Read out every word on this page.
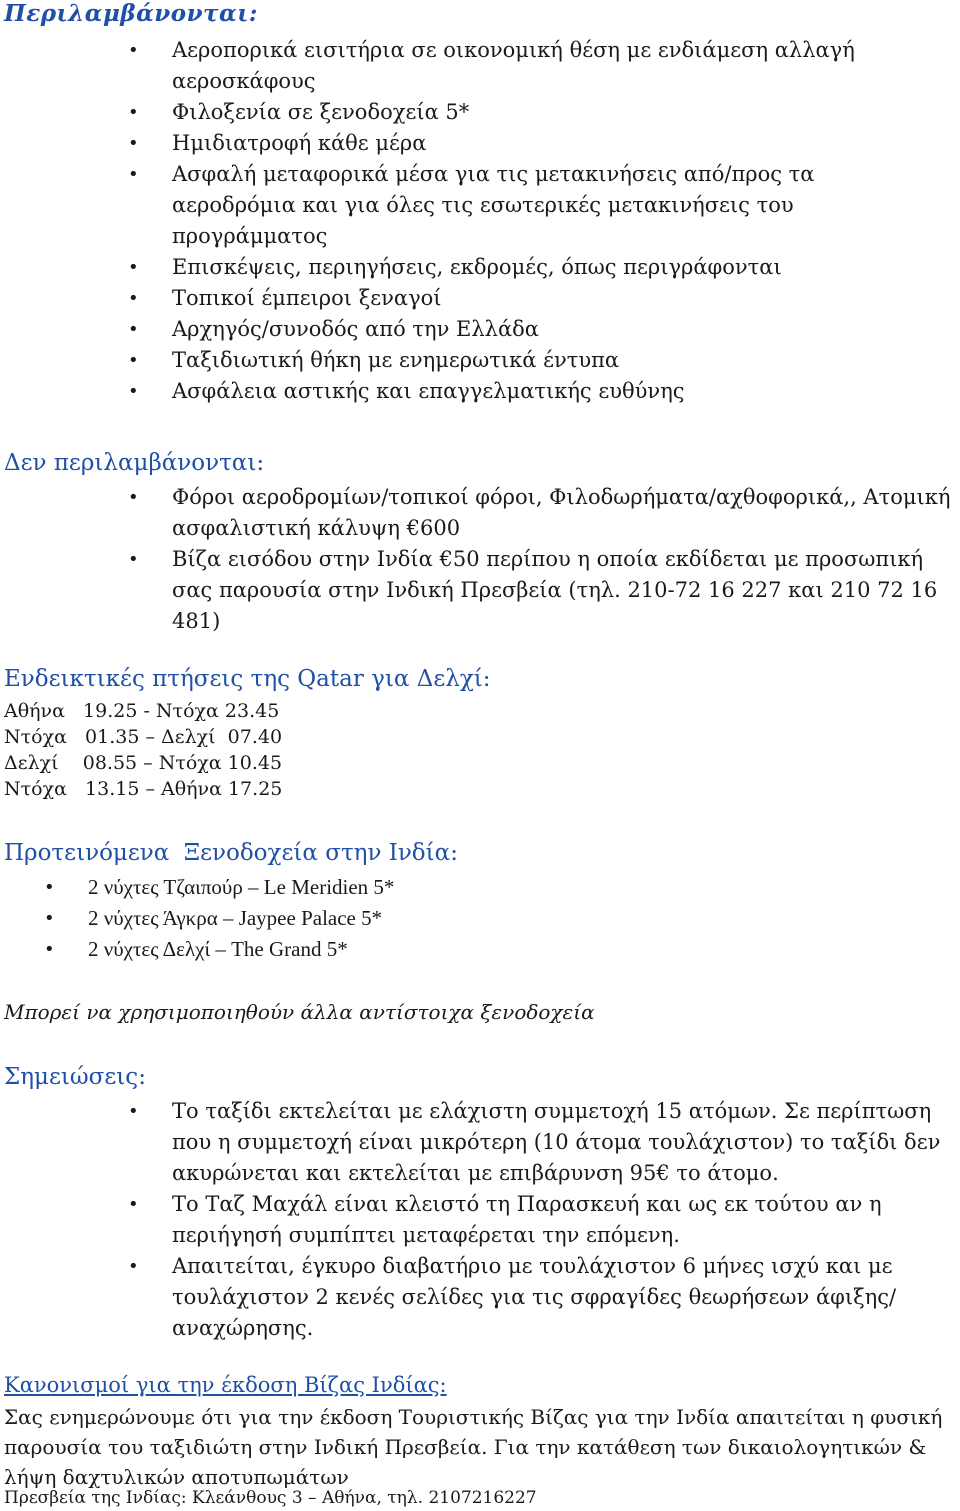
Περιλαμβάνονται:
• Αεροπορικά εισιτήρια σε οικονομική θέση με ενδιάμεση αλλαγή αεροσκάφους
• Φιλοξενία σε ξενοδοχεία 5*
• Ημιδιατροφή κάθε μέρα
• Ασφαλή μεταφορικά μέσα για τις μετακινήσεις από/προς τα αεροδρόμια και για όλες τις εσωτερικές μετακινήσεις του προγράμματος
• Επισκέψεις, περιηγήσεις, εκδρομές, όπως περιγράφονται
• Τοπικοί έμπειροι ξεναγοί
• Αρχηγός/συνοδός από την Ελλάδα
• Ταξιδιωτική θήκη με ενημερωτικά έντυπα
• Ασφάλεια αστικής και επαγγελματικής ευθύνης
Δεν περιλαμβάνονται:
• Φόροι αεροδρομίων/τοπικοί φόροι, Φιλοδωρήματα/αχθοφορικά,, Ατομική ασφαλιστική κάλυψη €600
• Βίζα εισόδου στην Ινδία €50 περίπου η οποία εκδίδεται με προσωπική σας παρουσία στην Ινδική Πρεσβεία (τηλ. 210-72 16 227 και 210 72 16 481)
Ενδεικτικές πτήσεις της Qatar για Δελχί:
Αθήνα   19.25 - Ντόχα 23.45
Ντόχα   01.35 – Δελχί  07.40
Δελχί    08.55 – Ντόχα 10.45
Ντόχα   13.15 – Αθήνα 17.25
Προτεινόμενα  Ξενοδοχεία στην Ινδία:
• 2 νύχτες Τζαιπούρ – Le Meridien 5*
• 2 νύχτες Άγκρα – Jaypee Palace 5*
• 2 νύχτες Δελχί – The Grand 5*
Μπορεί να χρησιμοποιηθούν άλλα αντίστοιχα ξενοδοχεία
Σημειώσεις:
• Το ταξίδι εκτελείται με ελάχιστη συμμετοχή 15 ατόμων. Σε περίπτωση που η συμμετοχή είναι μικρότερη (10 άτομα τουλάχιστον) το ταξίδι δεν ακυρώνεται και εκτελείται με επιβάρυνση 95€ το άτομο.
• Το Ταζ Μαχάλ είναι κλειστό τη Παρασκευή και ως εκ τούτου αν η περιήγησή συμπίπτει μεταφέρεται την επόμενη.
• Απαιτείται, έγκυρο διαβατήριο με τουλάχιστον 6 μήνες ισχύ και με τουλάχιστον 2 κενές σελίδες για τις σφραγίδες θεωρήσεων άφιξης/αναχώρησης.
Κανονισμοί για την έκδοση Βίζας Ινδίας:
Σας ενημερώνουμε ότι για την έκδοση Τουριστικής Βίζας για την Ινδία απαιτείται η φυσική παρουσία του ταξιδιώτη στην Ινδική Πρεσβεία. Για την κατάθεση των δικαιολογητικών & λήψη δαχτυλικών αποτυπωμάτων
Πρεσβεία της Ινδίας: Κλεάνθους 3 – Αθήνα, τηλ. 2107216227
